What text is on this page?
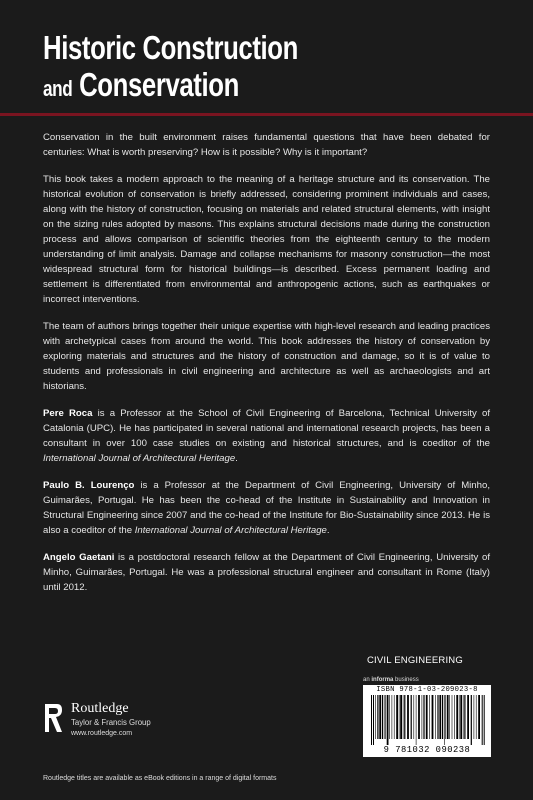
Historic Construction
and Conservation

Conservation in the built environment raises fundamental questions that have been debated for centuries: What is worth preserving? How is it possible? Why is it important?

This book takes a modern approach to the meaning of a heritage structure and its conservation. The historical evolution of conservation is briefly addressed, considering prominent individuals and cases, along with the history of construction, focusing on materials and related structural elements, with insight on the sizing rules adopted by masons. This explains structural decisions made during the construction process and allows comparison of scientific theories from the eighteenth century to the modern understanding of limit analysis. Damage and collapse mechanisms for masonry construction—the most widespread structural form for historical buildings—is described. Excess permanent loading and settlement is differentiated from environmental and anthropogenic actions, such as earthquakes or incorrect interventions.

The team of authors brings together their unique expertise with high-level research and leading practices with archetypical cases from around the world. This book addresses the history of conservation by exploring materials and structures and the history of construction and damage, so it is of value to students and professionals in civil engineering and architecture as well as archaeologists and art historians.

Pere Roca is a Professor at the School of Civil Engineering of Barcelona, Technical University of Catalonia (UPC). He has participated in several national and international research projects, has been a consultant in over 100 case studies on existing and historical structures, and is coeditor of the International Journal of Architectural Heritage.

Paulo B. Lourenço is a Professor at the Department of Civil Engineering, University of Minho, Guimarães, Portugal. He has been the co-head of the Institute in Sustainability and Innovation in Structural Engineering since 2007 and the co-head of the Institute for Bio-Sustainability since 2013. He is also a coeditor of the International Journal of Architectural Heritage.

Angelo Gaetani is a postdoctoral research fellow at the Department of Civil Engineering, University of Minho, Guimarães, Portugal. He was a professional structural engineer and consultant in Rome (Italy) until 2012.

CIVIL ENGINEERING
an informa business
ISBN 978-1-03-209023-8
9 781032 090238
Routledge
Taylor & Francis Group
www.routledge.com
Routledge titles are available as eBook editions in a range of digital formats
